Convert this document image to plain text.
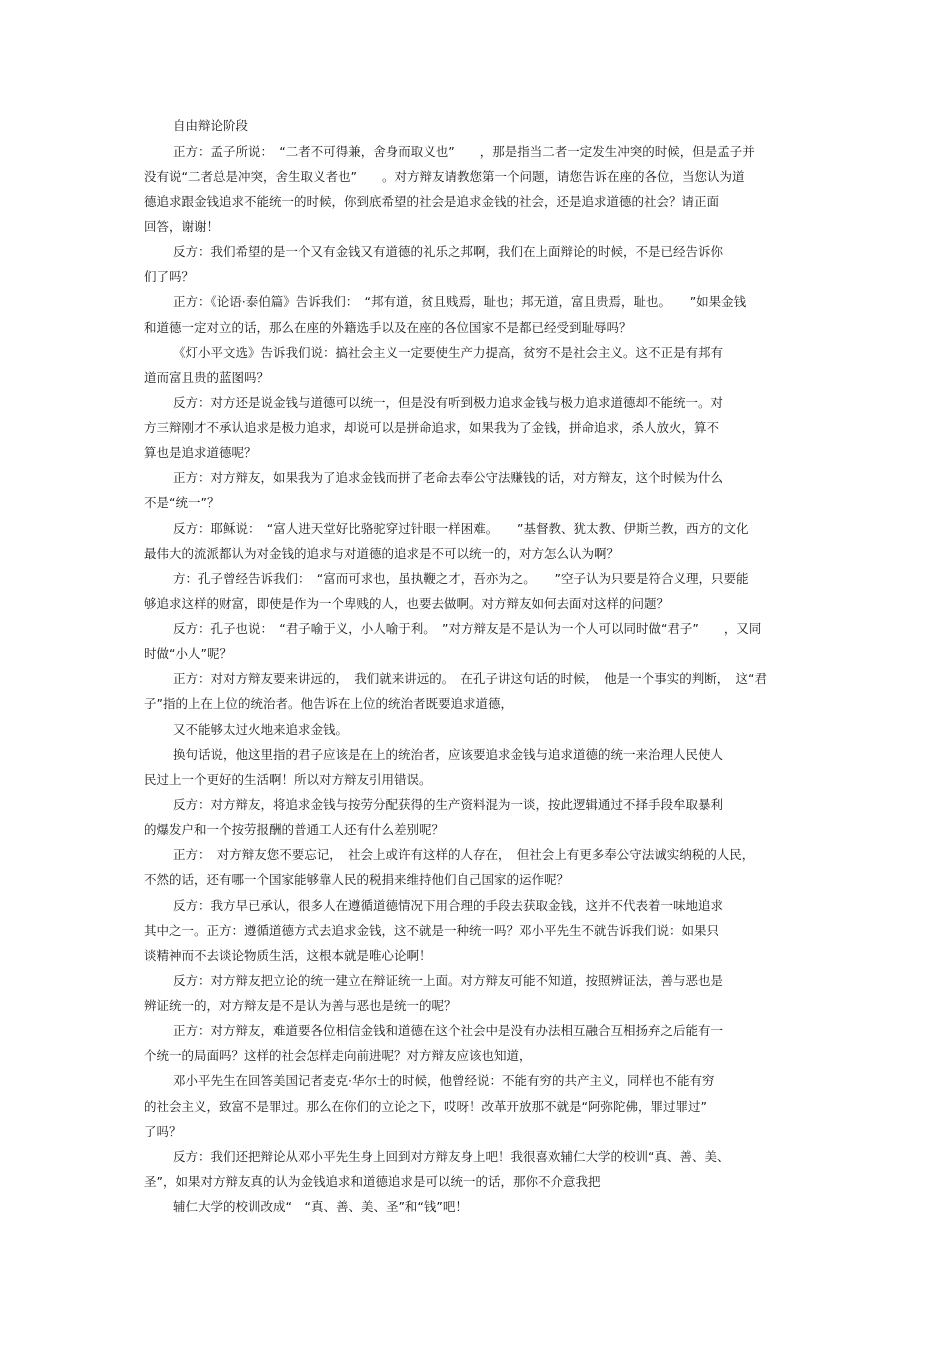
自由辩论阶段

正方：孟子所说：　“二者不可得兼，舍身而取义也”　　，那是指当二者一定发生冲突的时候，但是孟子并

没有说“二者总是冲突，舍生取义者也”　　。对方辩友请教您第一个问题，请您告诉在座的各位，当您认为道

德追求跟金钱追求不能统一的时候，你到底希望的社会是追求金钱的社会，还是追求道德的社会？请正面

回答，谢谢！

反方：我们希望的是一个又有金钱又有道德的礼乐之邦啊，我们在上面辩论的时候，不是已经告诉你

们了吗？

正方：《论语·泰伯篇》告诉我们：　“邦有道，贫且贱焉，耻也；邦无道，富且贵焉，耻也。　　”如果金钱

和道德一定对立的话，那么在座的外籍选手以及在座的各位国家不是都已经受到耻辱吗？

《灯小平文选》告诉我们说：搞社会主义一定要使生产力提高，贫穷不是社会主义。这不正是有邦有

道而富且贵的蓝图吗？

反方：对方还是说金钱与道德可以统一，但是没有听到极力追求金钱与极力追求道德却不能统一。对

方三辩刚才不承认追求是极力追求，却说可以是拼命追求，如果我为了金钱，拼命追求，杀人放火，算不

算也是追求道德呢？

正方：对方辩友，如果我为了追求金钱而拼了老命去奉公守法赚钱的话，对方辩友，这个时候为什么

不是“统一”？

反方：耶稣说：　“富人进天堂好比骆驼穿过针眼一样困难。　　”基督教、犹太教、伊斯兰教，西方的文化

最伟大的流派都认为对金钱的追求与对道德的追求是不可以统一的，对方怎么认为啊？

方：孔子曾经告诉我们：　“富而可求也，虽执鞭之才，吾亦为之。　　”空子认为只要是符合义理，只要能

够追求这样的财富，即使是作为一个卑贱的人，也要去做啊。对方辩友如何去面对这样的问题？

反方：孔子也说：　“君子喻于义，小人喻于利。　”对方辩友是不是认为一个人可以同时做“君子”　　，又同

时做“小人”呢？

正方：对对方辩友要来讲远的，　我们就来讲远的。　在孔子讲这句话的时候，　他是一个事实的判断，　这“君

子”指的上在上位的统治者。他告诉在上位的统治者既要追求道德，

又不能够太过火地来追求金钱。

换句话说，他这里指的君子应该是在上的统治者，应该要追求金钱与追求道德的统一来治理人民使人

民过上一个更好的生活啊！所以对方辩友引用错误。

反方：对方辩友，将追求金钱与按劳分配获得的生产资料混为一谈，按此逻辑通过不择手段牟取暴利

的爆发户和一个按劳报酬的普通工人还有什么差别呢？

正方：　对方辩友您不要忘记，　社会上或许有这样的人存在，　但社会上有更多奉公守法诚实纳税的人民，

不然的话，还有哪一个国家能够靠人民的税捐来维持他们自己国家的运作呢？

反方：我方早已承认，很多人在遵循道德情况下用合理的手段去获取金钱，这并不代表着一味地追求

其中之一。正方：遵循道德方式去追求金钱，这不就是一种统一吗？邓小平先生不就告诉我们说：如果只

谈精神而不去谈论物质生活，这根本就是唯心论啊！

反方：对方辩友把立论的统一建立在辩证统一上面。对方辩友可能不知道，按照辨证法，善与恶也是

辨证统一的，对方辩友是不是认为善与恶也是统一的呢？

正方：对方辩友，难道要各位相信金钱和道德在这个社会中是没有办法相互融合互相扬弃之后能有一

个统一的局面吗？这样的社会怎样走向前进呢？对方辩友应该也知道，

邓小平先生在回答美国记者麦克·华尔士的时候，他曾经说：不能有穷的共产主义，同样也不能有穷

的社会主义，致富不是罪过。那么在你们的立论之下，哎呀！改革开放那不就是“阿弥陀佛，罪过罪过”

了吗？

反方：我们还把辩论从邓小平先生身上回到对方辩友身上吧！我很喜欢辅仁大学的校训“真、善、美、

圣”，如果对方辩友真的认为金钱追求和道德追求是可以统一的话，那你不介意我把

辅仁大学的校训改成“　“真、善、美、圣”和“钱”吧！
